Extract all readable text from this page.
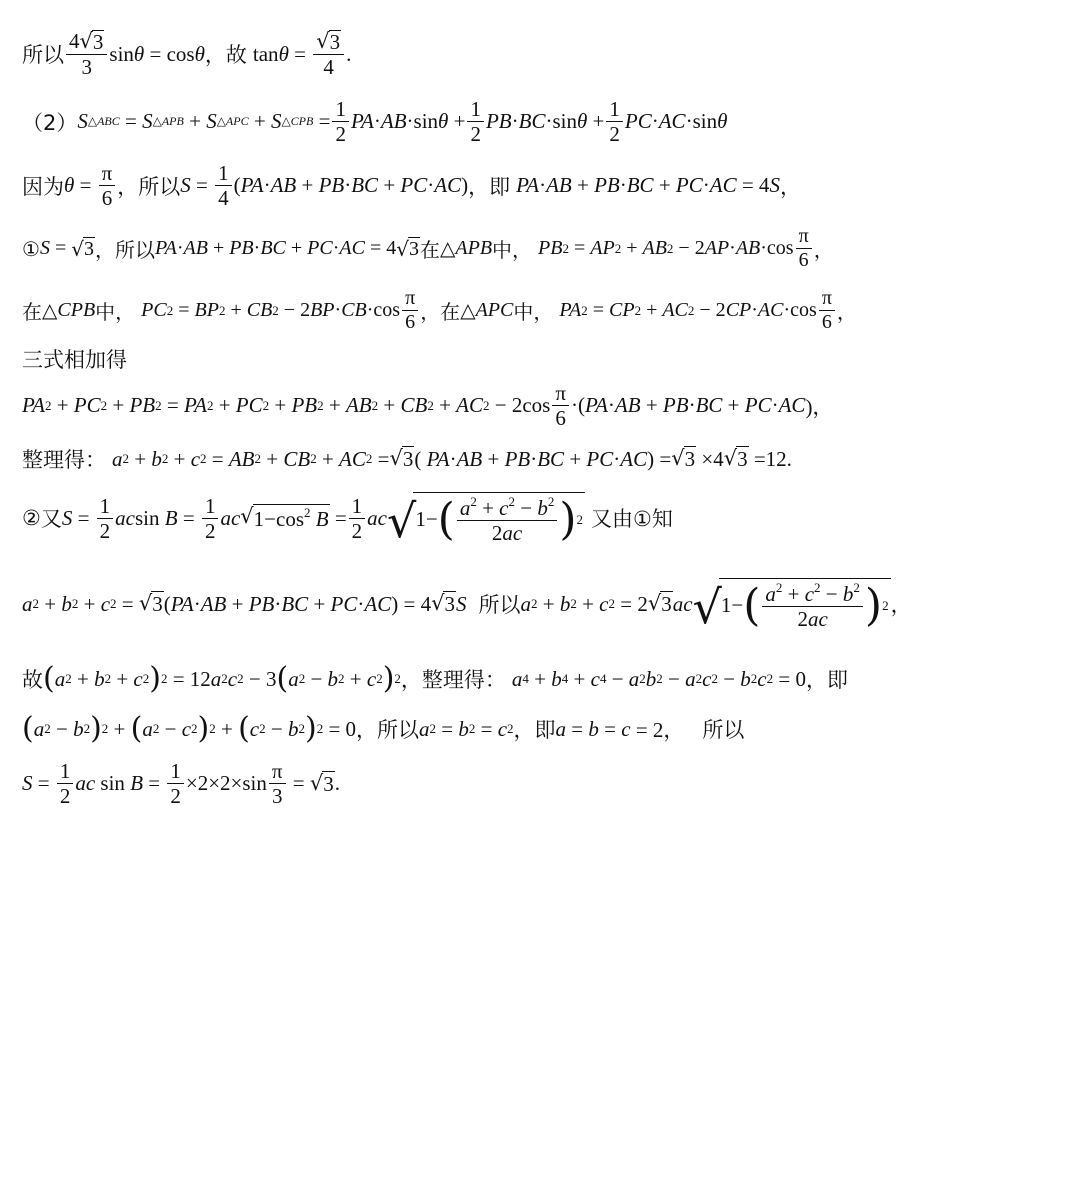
所以 $\frac{4 √ 3}{3}$ sin θ = cos θ ， 故 $\tan \theta = \frac{√ 3}{4}$ .
（2） S △ABC = S △APB + S △APC + S △CPB = $\frac{1}{2}$ PA · AB ·sin $\theta + \frac{1}{2}$ PB · BC ·sin $\theta + \frac{1}{2}$ PC · AC ·sin θ
因为 $\theta = \frac{\pi}{6}$ ，所以 $S = \frac{1}{4}$ ( PA · AB + PB · BC + PC · AC ) ，即 PA · AB + PB · BC + PC · AC = 4 S ，
① S = √ 3 ，所以 PA · AB + PB · BC + PC · AC = 4 √ 3 在 △ APB 中， PB 2 = AP 2 + AB 2 − 2 AP · AB $\cdot\cos \frac{\pi}{6}$ ，
在 △ CPB 中， PC 2 = BP 2 + CB 2 − 2 BP · CB $\cdot\cos \frac{\pi}{6}$ ，在 △ APC 中， PA 2 = CP 2 + AC 2 − 2 CP · AC $\cdot\cos \frac{\pi}{6}$ ，
三式相加得
PA 2 + PC 2 + PB 2 = PA 2 + PC 2 + PB 2 + AB 2 + CB 2 + AC $2 - 2\cos \frac{\pi}{6}$ ·( PA · AB + PB · BC + PC · AC )，
整理得： a 2 + b 2 + c 2 = AB 2 + CB 2 + AC 2 = √ 3 ( PA · AB + PB · BC + PC · AC ) = √ 3 ×4 √ 3 =12.
② 又 $S = \frac{1}{2}$ ac $\sin B = \frac{1}{2}$ ac √ $1-\cos^2$ $B = \frac{1}{2}$ ac √ 1− ( $\frac{a^2 + c^2 - b^2}{2ac}$ ) 2 又由①知
a 2 + b 2 + c 2 = √ 3 ( PA · AB + PB · BC + PC · AC ) = 4 √ 3 S 所以 a 2 + b 2 + c 2 = 2 √ 3 ac √ 1− ( $\frac{a^2 + c^2 - b^2}{2ac}$ ) 2 ，
故 ( a 2 + b 2 + c 2 ) 2 = 12 a 2 c 2 − 3 ( a 2 − b 2 + c 2 ) 2 ，整理得： a 4 + b 4 + c 4 − a 2 b 2 − a 2 c 2 − b 2 c 2 = 0 ，即
( a 2 − b 2 ) 2 + ( a 2 − c 2 ) 2 + ( c 2 − b 2 ) 2 = 0 ，所以 a 2 = b 2 = c 2 ，即 a = b = c = 2， 所以
$S = \frac{1}{2}$ ac $\sin B = \frac{1}{2} \times 2\times 2\times\sin \frac{\pi}{3}$ = √ 3 .
